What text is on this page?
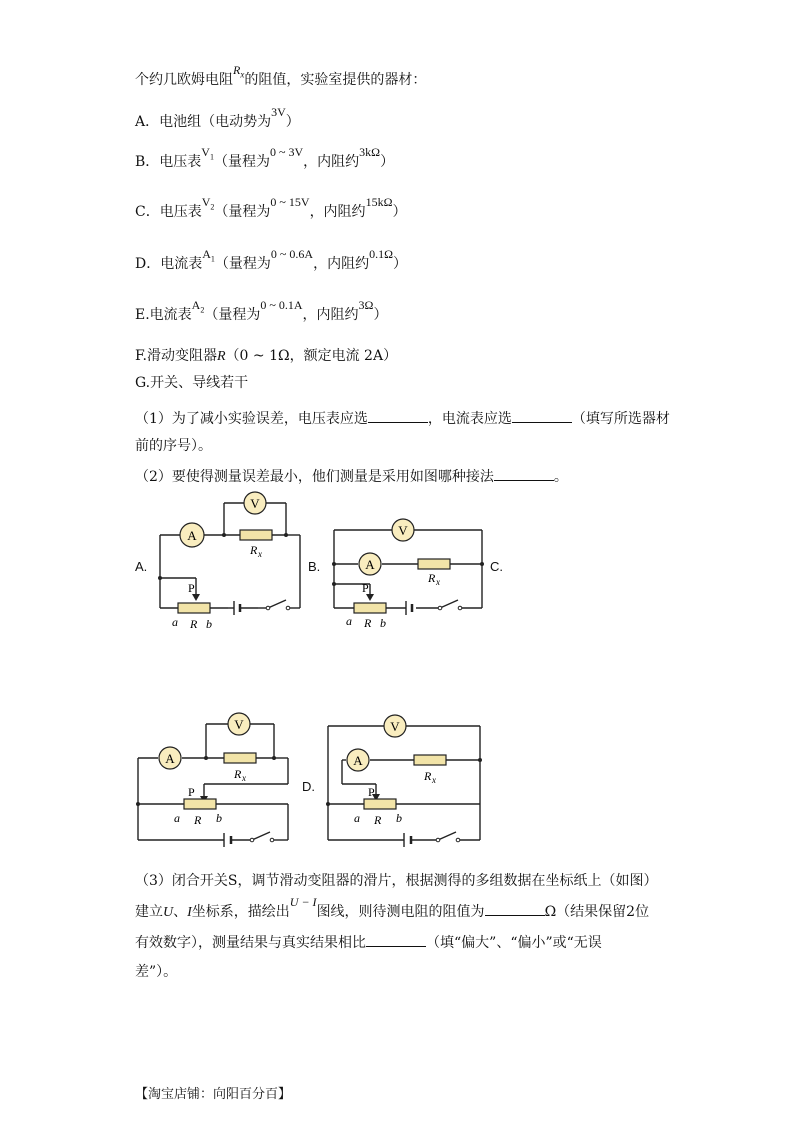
个约几欧姆电阻$R_x$的阻值，实验室提供的器材：
A．电池组（电动势为3V）
B．电压表$V_1$（量程为0 ~ 3V，内阻约3kΩ）
C．电压表$V_2$（量程为0 ~ 15V，内阻约15kΩ）
D．电流表$A_1$（量程为0 ~ 0.6A，内阻约0.1Ω）
E.电流表$A_2$（量程为0 ~ 0.1A，内阻约3Ω）
F.滑动变阻器R（0 ~ 1Ω，额定电流 2A）
G.开关、导线若干
（1）为了减小实验误差，电压表应选	，电流表应选	（填写所选器材
前的序号）。
（2）要使得测量误差最小，他们测量是采用如图哪种接法	。
A.	B.	C.
D.
A
V
R x
P
a R b
V
A
R x
P
a R b
V
A
R x
P
a R b
V
A
R x
P
a R b
（3）闭合开关S，调节滑动变阻器的滑片，根据测得的多组数据在坐标纸上（如图）
建立U、I坐标系，描绘出U − I图线，则待测电阻的阻值为	Ω（结果保留2位
有效数字），测量结果与真实结果相比	（填“偏大”、“偏小”或“无误
差”）。
【淘宝店铺：向阳百分百】
